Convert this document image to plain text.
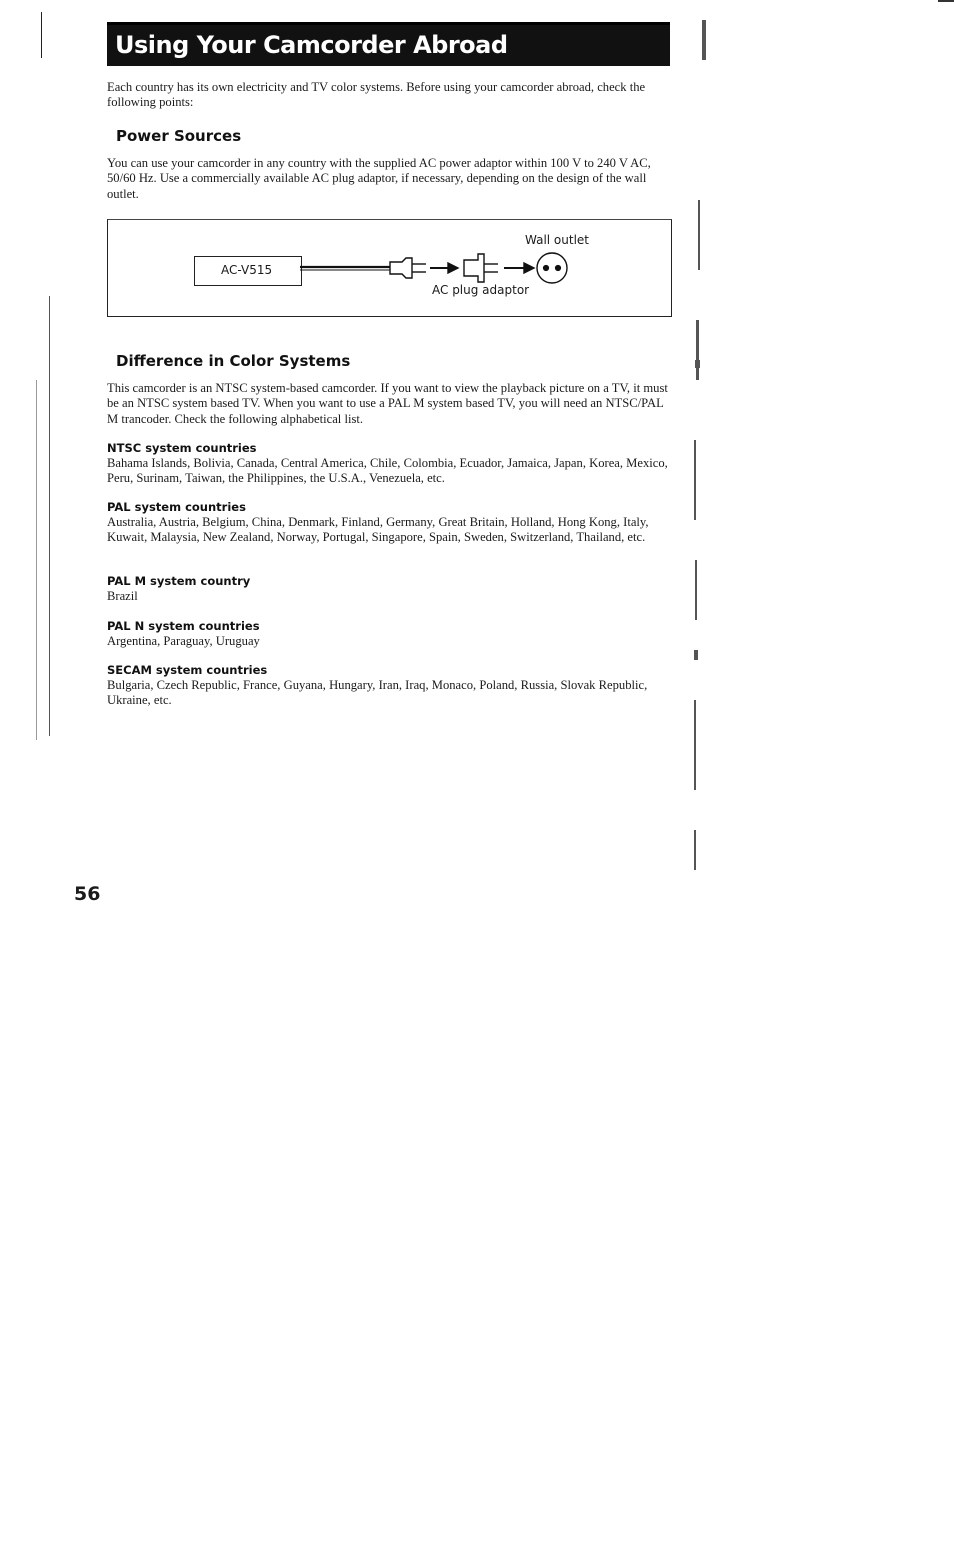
Using Your Camcorder Abroad
Each country has its own electricity and TV color systems. Before using your camcorder abroad, check the following points:
Power Sources
You can use your camcorder in any country with the supplied AC power adaptor within 100 V to 240 V AC, 50/60 Hz. Use a commercially available AC plug adaptor, if necessary, depending on the design of the wall outlet.
AC-V515
Wall outlet
AC plug adaptor
Difference in Color Systems
This camcorder is an NTSC system-based camcorder. If you want to view the playback picture on a TV, it must be an NTSC system based TV. When you want to use a PAL M system based TV, you will need an NTSC/PAL M trancoder. Check the following alphabetical list.
NTSC system countries
Bahama Islands, Bolivia, Canada, Central America, Chile, Colombia, Ecuador, Jamaica, Japan, Korea, Mexico, Peru, Surinam, Taiwan, the Philippines, the U.S.A., Venezuela, etc.
PAL system countries
Australia, Austria, Belgium, China, Denmark, Finland, Germany, Great Britain, Holland, Hong Kong, Italy, Kuwait, Malaysia, New Zealand, Norway, Portugal, Singapore, Spain, Sweden, Switzerland, Thailand, etc.
PAL M system country
Brazil
PAL N system countries
Argentina, Paraguay, Uruguay
SECAM system countries
Bulgaria, Czech Republic, France, Guyana, Hungary, Iran, Iraq, Monaco, Poland, Russia, Slovak Republic, Ukraine, etc.
56
